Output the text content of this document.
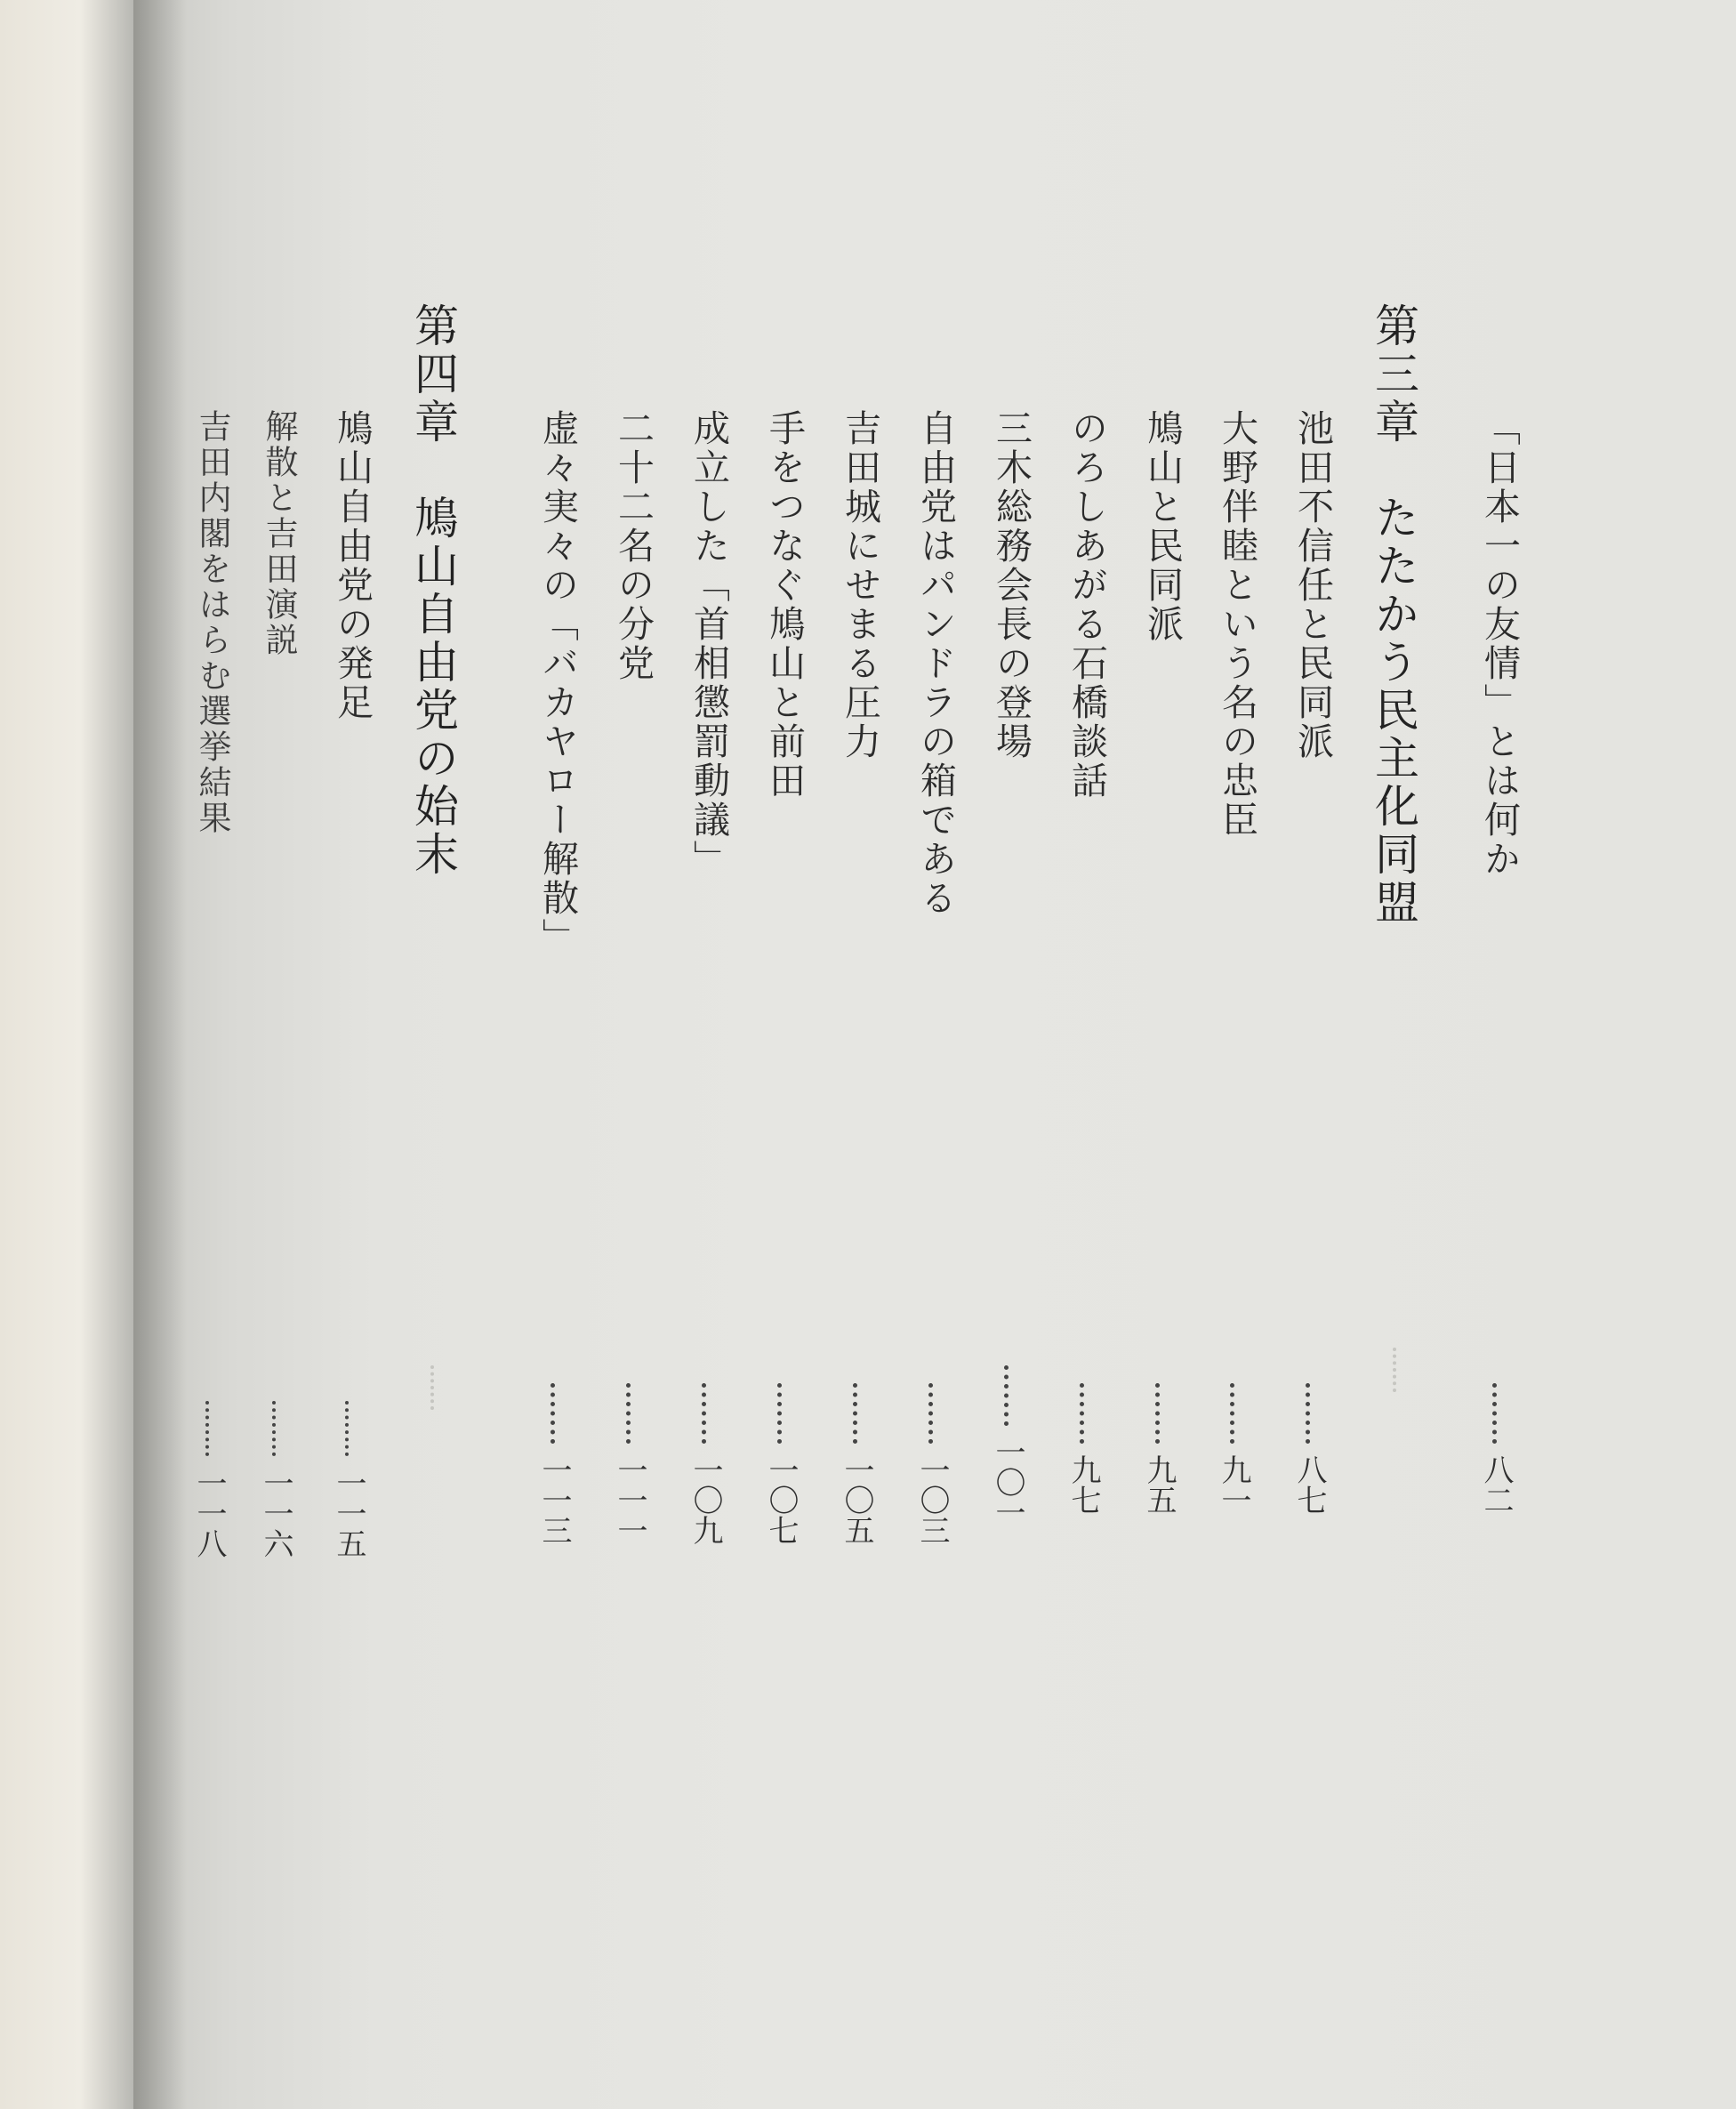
「日本一の友情」とは何か
八二
第三章　たたかう民主化同盟
池田不信任と民同派
八七
大野伴睦という名の忠臣
九一
鳩山と民同派
九五
のろしあがる石橋談話
九七
三木総務会長の登場
一〇一
自由党はパンドラの箱である
一〇三
吉田城にせまる圧力
一〇五
手をつなぐ鳩山と前田
一〇七
成立した「首相懲罰動議」
一〇九
二十二名の分党
一一一
虚々実々の「バカヤロー解散」
一一三
第四章　鳩山自由党の始末
鳩山自由党の発足
一一五
解散と吉田演説
一一六
吉田内閣をはらむ選挙結果
一一八
